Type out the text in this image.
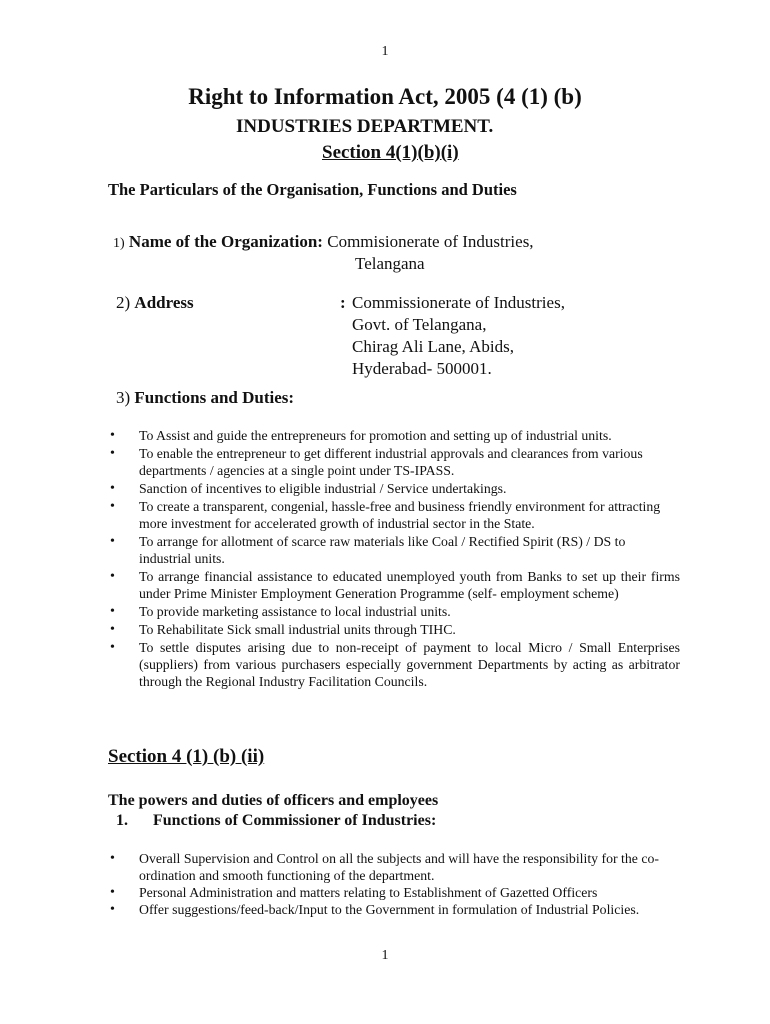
1
Right to Information Act, 2005 (4 (1) (b)
INDUSTRIES DEPARTMENT.
Section 4(1)(b)(i)
The Particulars of the Organisation, Functions and Duties
1) Name of the Organization: Commisionerate of Industries,
Telangana
2) Address	: Commissionerate of Industries,
Govt. of Telangana,
Chirag Ali Lane, Abids,
Hyderabad- 500001.
3) Functions and Duties:
• To Assist and guide the entrepreneurs for promotion and setting up of industrial units.
• To enable the entrepreneur to get different industrial approvals and clearances from various departments / agencies at a single point under TS-IPASS.
• Sanction of incentives to eligible industrial / Service undertakings.
• To create a transparent, congenial, hassle-free and business friendly environment for attracting more investment for accelerated growth of industrial sector in the State.
• To arrange for allotment of scarce raw materials like Coal / Rectified Spirit (RS) / DS to industrial units.
• To arrange financial assistance to educated unemployed youth from Banks to set up their firms under Prime Minister Employment Generation Programme (self- employment scheme)
• To provide marketing assistance to local industrial units.
• To Rehabilitate Sick small industrial units through TIHC.
• To settle disputes arising due to non-receipt of payment to local Micro / Small Enterprises (suppliers) from various purchasers especially government Departments by acting as arbitrator through the Regional Industry Facilitation Councils.
Section 4 (1) (b) (ii)
The powers and duties of officers and employees
1. Functions of Commissioner of Industries:
• Overall Supervision and Control on all the subjects and will have the responsibility for the co-ordination and smooth functioning of the department.
• Personal Administration and matters relating to Establishment of Gazetted Officers
• Offer suggestions/feed-back/Input to the Government in formulation of Industrial Policies.
1
